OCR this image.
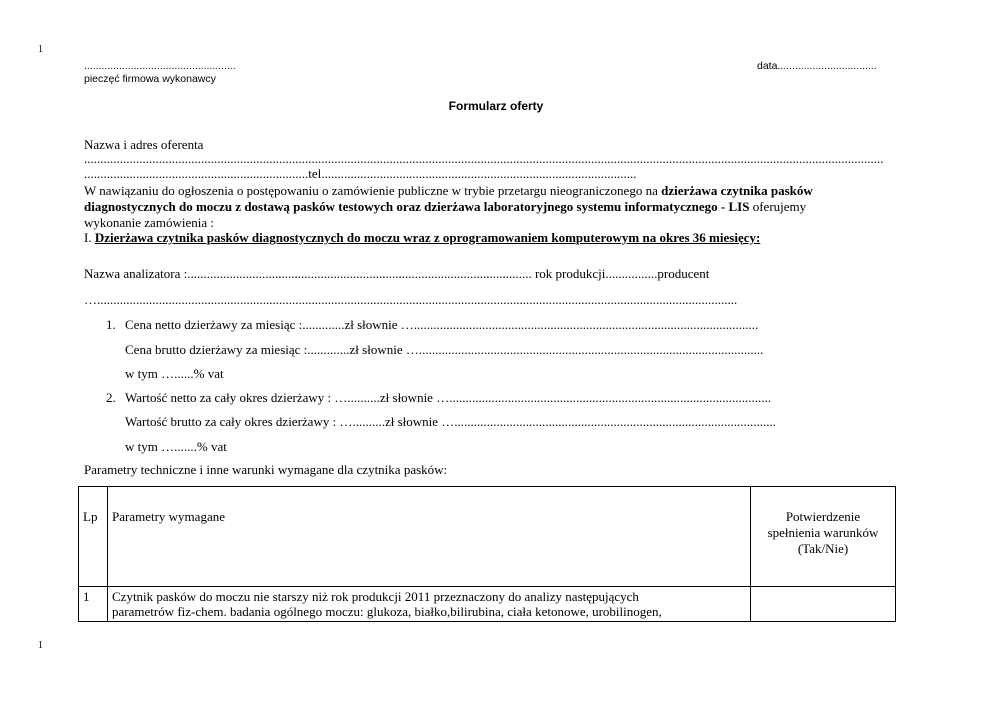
1
1
....................................................
pieczęć firmowa wykonawcy
data..................................
Formularz oferty
Nazwa i adres oferenta
......................................................................................................................................................................................................................................................
.....................................................................tel.................................................................................................
W nawiązaniu do ogłoszenia o postępowaniu o zamówienie publiczne w trybie przetargu nieograniczonego na dzierżawa czytnika pasków
diagnostycznych do moczu z dostawą pasków testowych oraz dzierżawa laboratoryjnego systemu informatycznego - LIS oferujemy
wykonanie zamówienia :
I. Dzierżawa czytnika pasków diagnostycznych do moczu wraz z oprogramowaniem komputerowym na okres 36 miesięcy:
Nazwa analizatora :.......................................................................................................... rok produkcji................producent
….....................................................................................................................................................................................................
1. Cena netto dzierżawy za miesiąc :.............zł słownie …..........................................................................................................
Cena brutto dzierżawy za miesiąc :.............zł słownie …..........................................................................................................
w tym …......% vat
2. Wartość netto za cały okres dzierżawy : …..........zł słownie …...................................................................................................
Wartość brutto za cały okres dzierżawy : …..........zł słownie …...................................................................................................
w tym ….......% vat
Parametry techniczne i inne warunki wymagane dla czytnika pasków:
Lp	Parametry wymagane	Potwierdzenie
spełnienia warunków
(Tak/Nie)

1	Czytnik pasków do moczu nie starszy niż rok produkcji 2011 przeznaczony do analizy następujących
parametrów fiz-chem. badania ogólnego moczu: glukoza, białko,bilirubina, ciała ketonowe, urobilinogen,	
